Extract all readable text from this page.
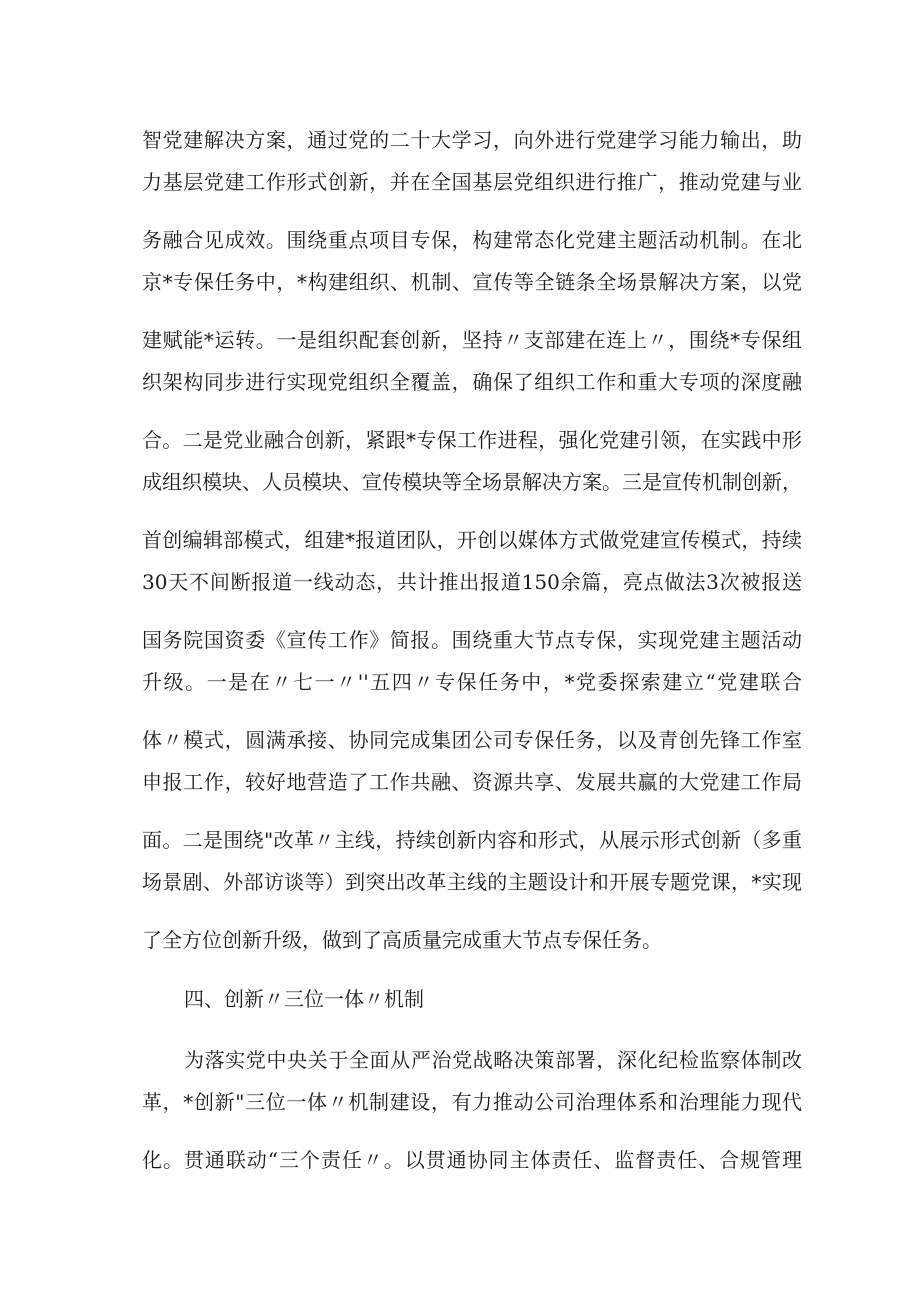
智党建解决方案，通过党的二十大学习，向外进行党建学习能力输出，助
力基层党建工作形式创新，并在全国基层党组织进行推广，推动党建与业
务融合见成效。围绕重点项目专保，构建常态化党建主题活动机制。在北
京*专保任务中，*构建组织、机制、宣传等全链条全场景解决方案，以党
建赋能*运转。一是组织配套创新，坚持〃支部建在连上〃，围绕*专保组
织架构同步进行实现党组织全覆盖，确保了组织工作和重大专项的深度融
合。二是党业融合创新，紧跟*专保工作进程，强化党建引领，在实践中形
成组织模块、人员模块、宣传模块等全场景解决方案。三是宣传机制创新，
首创编辑部模式，组建*报道团队，开创以媒体方式做党建宣传模式，持续
30天不间断报道一线动态，共计推出报道150余篇，亮点做法3次被报送
国务院国资委《宣传工作》简报。围绕重大节点专保，实现党建主题活动
升级。一是在〃七一〃''五四〃专保任务中，*党委探索建立“党建联合
体〃模式，圆满承接、协同完成集团公司专保任务，以及青创先锋工作室
申报工作，较好地营造了工作共融、资源共享、发展共赢的大党建工作局
面。二是围绕"改革〃主线，持续创新内容和形式，从展示形式创新（多重
场景剧、外部访谈等）到突出改革主线的主题设计和开展专题党课，*实现
了全方位创新升级，做到了高质量完成重大节点专保任务。
四、创新〃三位一体〃机制
为落实党中央关于全面从严治党战略决策部署，深化纪检监察体制改
革，*创新"三位一体〃机制建设，有力推动公司治理体系和治理能力现代
化。贯通联动“三个责任〃。以贯通协同主体责任、监督责任、合规管理
